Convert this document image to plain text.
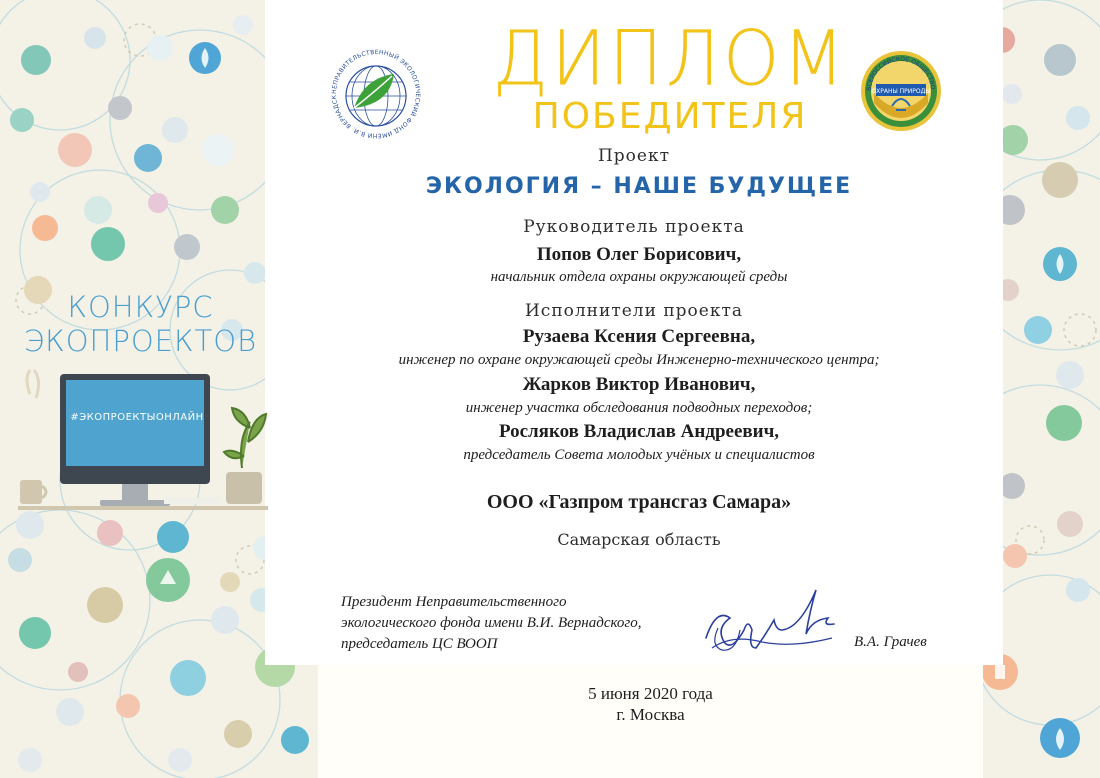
НЕПРАВИТЕЛЬСТВЕННЫЙ ЭКОЛОГИЧЕСКИЙ ФОНД ИМЕНИ В.И. ВЕРНАДСК
ОХРАНЫ ПРИРОДЫ
ВСЕРОССИЙСКОЕ ОБЩЕСТВО
ДИПЛОМ
ПОБЕДИТЕЛЯ
Проект
ЭКОЛОГИЯ – НАШЕ БУДУЩЕЕ
Руководитель проекта
Попов Олег Борисович,
начальник отдела охраны окружающей среды
Исполнители проекта
Рузаева Ксения Сергеевна,
инженер по охране окружающей среды Инженерно-технического центра;
Жарков Виктор Иванович,
инженер участка обследования подводных переходов;
Росляков Владислав Андреевич,
председатель Совета молодых учёных и специалистов
ООО «Газпром трансгаз Самара»
Самарская область
Президент Неправительственного
экологического фонда имени В.И. Вернадского,
председатель ЦС ВООП	В.А. Грачев
5 июня 2020 года
г. Москва
КОНКУРС
ЭКОПРОЕКТОВ
#ЭКОПРОЕКТЫОНЛАЙН
